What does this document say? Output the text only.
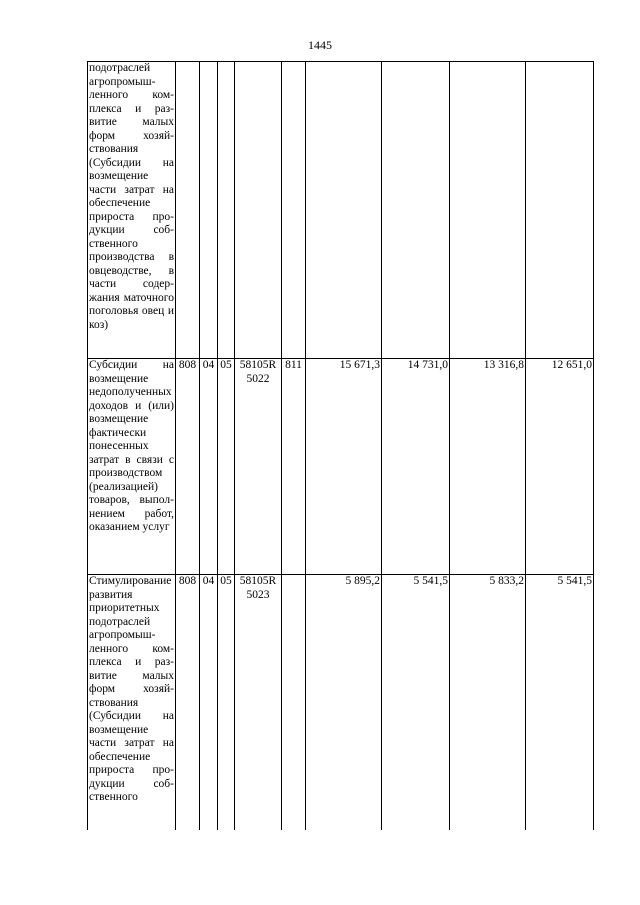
1445
подотраслей агропромышленного комплекса и развитие малых форм хозяйствования (Субсидии на возмещение части затрат на обеспечение прироста продукции собственного производства в овцеводстве, в части содержания маточного поголовья овец и коз)									
Субсидии на возмещение недополученных доходов и (или) возмещение фактически понесенных затрат в связи с производством (реализацией) товаров, выполнением работ, оказанием услуг	808	04	05	58105R 5022	811	15 671,3	14 731,0	13 316,8	12 651,0
Стимулирование развития приоритетных подотраслей агропромышленного комплекса и развитие малых форм хозяйствования (Субсидии на возмещение части затрат на обеспечение прироста продукции собственного	808	04	05	58105R 5023		5 895,2	5 541,5	5 833,2	5 541,5
